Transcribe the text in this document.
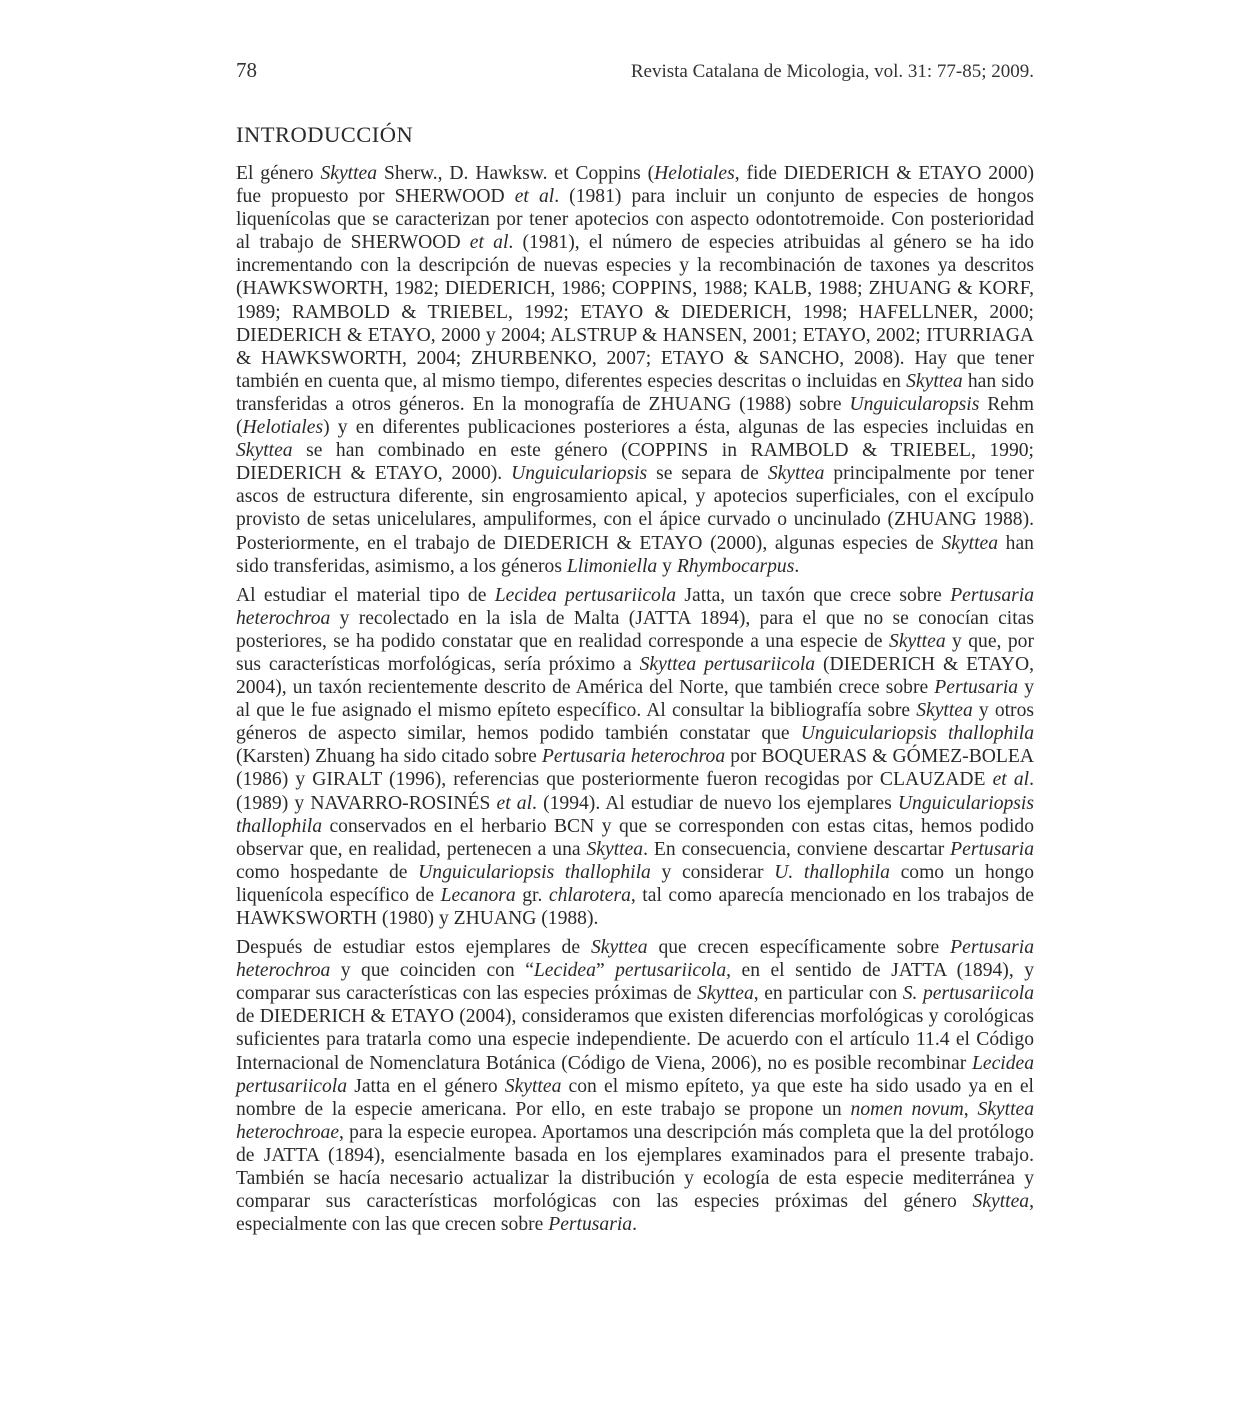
78	Revista Catalana de Micologia, vol. 31: 77-85; 2009.
INTRODUCCIÓN

El género Skyttea Sherw., D. Hawksw. et Coppins (Helotiales, fide DIEDERICH & ETAYO 2000) fue propuesto por SHERWOOD et al. (1981) para incluir un conjunto de especies de hongos liquenícolas que se caracterizan por tener apotecios con aspecto odontotremoide. Con posterioridad al trabajo de SHERWOOD et al. (1981), el número de especies atribuidas al género se ha ido incrementando con la descripción de nuevas especies y la recombinación de taxones ya descritos (HAWKSWORTH, 1982; DIEDERICH, 1986; COPPINS, 1988; KALB, 1988; ZHUANG & KORF, 1989; RAMBOLD & TRIEBEL, 1992; ETAYO & DIEDERICH, 1998; HAFELLNER, 2000; DIEDERICH & ETAYO, 2000 y 2004; ALSTRUP & HANSEN, 2001; ETAYO, 2002; ITURRIAGA & HAWKSWORTH, 2004; ZHURBENKO, 2007; ETAYO & SANCHO, 2008). Hay que tener también en cuenta que, al mismo tiempo, diferentes especies descritas o incluidas en Skyttea han sido transferidas a otros géneros. En la monografía de ZHUANG (1988) sobre Unguicularopsis Rehm (Helotiales) y en diferentes publicaciones posteriores a ésta, algunas de las especies incluidas en Skyttea se han combinado en este género (COPPINS in RAMBOLD & TRIEBEL, 1990; DIEDERICH & ETAYO, 2000). Unguiculariopsis se separa de Skyttea principalmente por tener ascos de estructura diferente, sin engrosamiento apical, y apotecios superficiales, con el excípulo provisto de setas unicelulares, ampuliformes, con el ápice curvado o uncinulado (ZHUANG 1988). Posteriormente, en el trabajo de DIEDERICH & ETAYO (2000), algunas especies de Skyttea han sido transferidas, asimismo, a los géneros Llimoniella y Rhymbocarpus.

Al estudiar el material tipo de Lecidea pertusariicola Jatta, un taxón que crece sobre Pertusaria heterochroa y recolectado en la isla de Malta (JATTA 1894), para el que no se conocían citas posteriores, se ha podido constatar que en realidad corresponde a una especie de Skyttea y que, por sus características morfológicas, sería próximo a Skyttea pertusariicola (DIEDERICH & ETAYO, 2004), un taxón recientemente descrito de América del Norte, que también crece sobre Pertusaria y al que le fue asignado el mismo epíteto específico. Al consultar la bibliografía sobre Skyttea y otros géneros de aspecto similar, hemos podido también constatar que Unguiculariopsis thallophila (Karsten) Zhuang ha sido citado sobre Pertusaria heterochroa por BOQUERAS & GÓMEZ-BOLEA (1986) y GIRALT (1996), referencias que posteriormente fueron recogidas por CLAUZADE et al. (1989) y NAVARRO-ROSINÉS et al. (1994). Al estudiar de nuevo los ejemplares Unguiculariopsis thallophila conservados en el herbario BCN y que se corresponden con estas citas, hemos podido observar que, en realidad, pertenecen a una Skyttea. En consecuencia, conviene descartar Pertusaria como hospedante de Unguiculariopsis thallophila y considerar U. thallophila como un hongo liquenícola específico de Lecanora gr. chlarotera, tal como aparecía mencionado en los trabajos de HAWKSWORTH (1980) y ZHUANG (1988).

Después de estudiar estos ejemplares de Skyttea que crecen específicamente sobre Pertusaria heterochroa y que coinciden con “Lecidea” pertusariicola, en el sentido de JATTA (1894), y comparar sus características con las especies próximas de Skyttea, en particular con S. pertusariicola de DIEDERICH & ETAYO (2004), consideramos que existen diferencias morfológicas y corológicas suficientes para tratarla como una especie independiente. De acuerdo con el artículo 11.4 el Código Internacional de Nomenclatura Botánica (Código de Viena, 2006), no es posible recombinar Lecidea pertusariicola Jatta en el género Skyttea con el mismo epíteto, ya que este ha sido usado ya en el nombre de la especie americana. Por ello, en este trabajo se propone un nomen novum, Skyttea heterochroae, para la especie europea. Aportamos una descripción más completa que la del protólogo de JATTA (1894), esencialmente basada en los ejemplares examinados para el presente trabajo. También se hacía necesario actualizar la distribución y ecología de esta especie mediterránea y comparar sus características morfológicas con las especies próximas del género Skyttea, especialmente con las que crecen sobre Pertusaria.
